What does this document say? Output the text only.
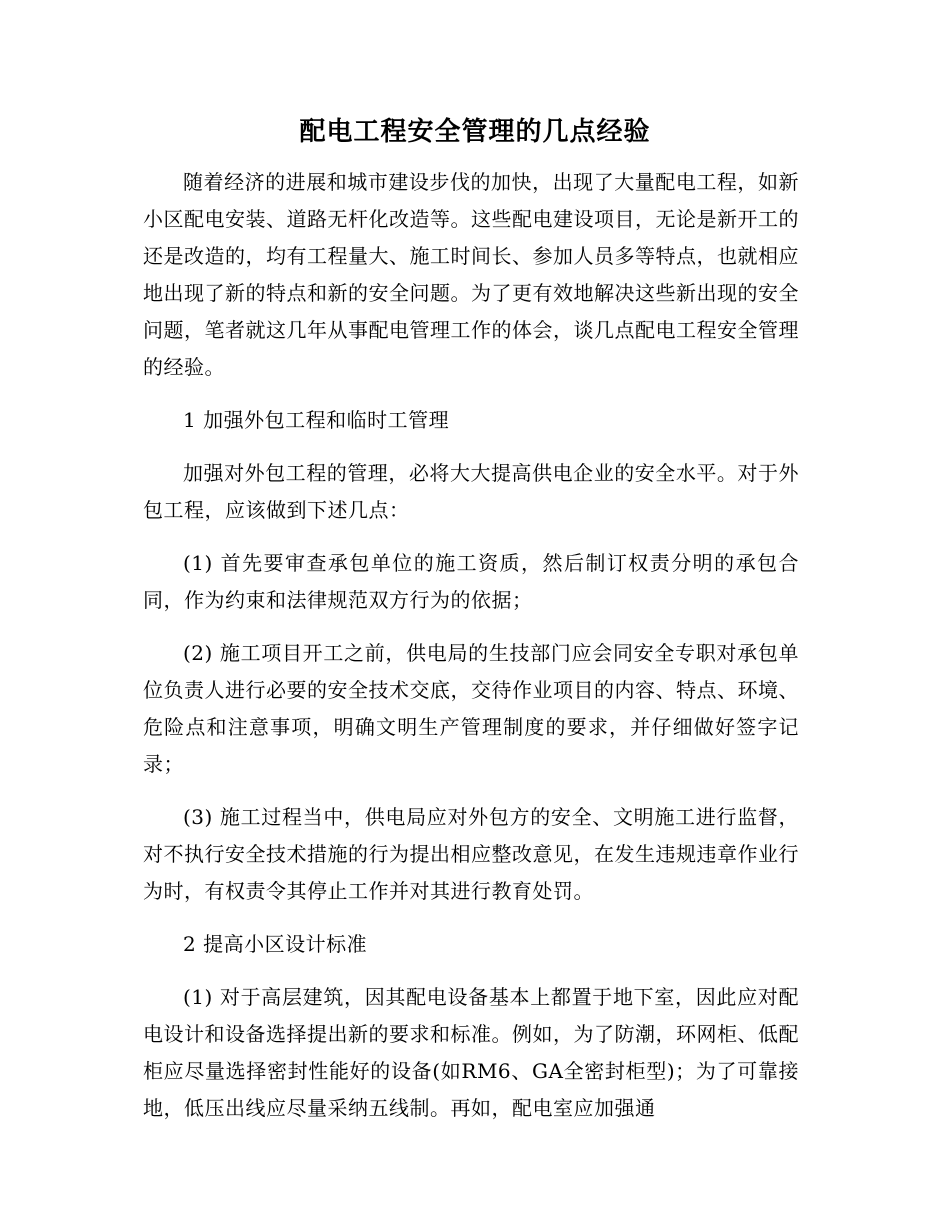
配电工程安全管理的几点经验

随着经济的进展和城市建设步伐的加快，出现了大量配电工程，如新小区配电安装、道路无杆化改造等。这些配电建设项目，无论是新开工的还是改造的，均有工程量大、施工时间长、参加人员多等特点，也就相应地出现了新的特点和新的安全问题。为了更有效地解决这些新出现的安全问题，笔者就这几年从事配电管理工作的体会，谈几点配电工程安全管理的经验。

1 加强外包工程和临时工管理

加强对外包工程的管理，必将大大提高供电企业的安全水平。对于外包工程，应该做到下述几点：

(1) 首先要审查承包单位的施工资质，然后制订权责分明的承包合同，作为约束和法律规范双方行为的依据；

(2) 施工项目开工之前，供电局的生技部门应会同安全专职对承包单位负责人进行必要的安全技术交底，交待作业项目的内容、特点、环境、危险点和注意事项，明确文明生产管理制度的要求，并仔细做好签字记录；

(3) 施工过程当中，供电局应对外包方的安全、文明施工进行监督，对不执行安全技术措施的行为提出相应整改意见，在发生违规违章作业行为时，有权责令其停止工作并对其进行教育处罚。

2 提高小区设计标准

(1) 对于高层建筑，因其配电设备基本上都置于地下室，因此应对配电设计和设备选择提出新的要求和标准。例如，为了防潮，环网柜、低配柜应尽量选择密封性能好的设备(如RM6、GA全密封柜型)；为了可靠接地，低压出线应尽量采纳五线制。再如，配电室应加强通
